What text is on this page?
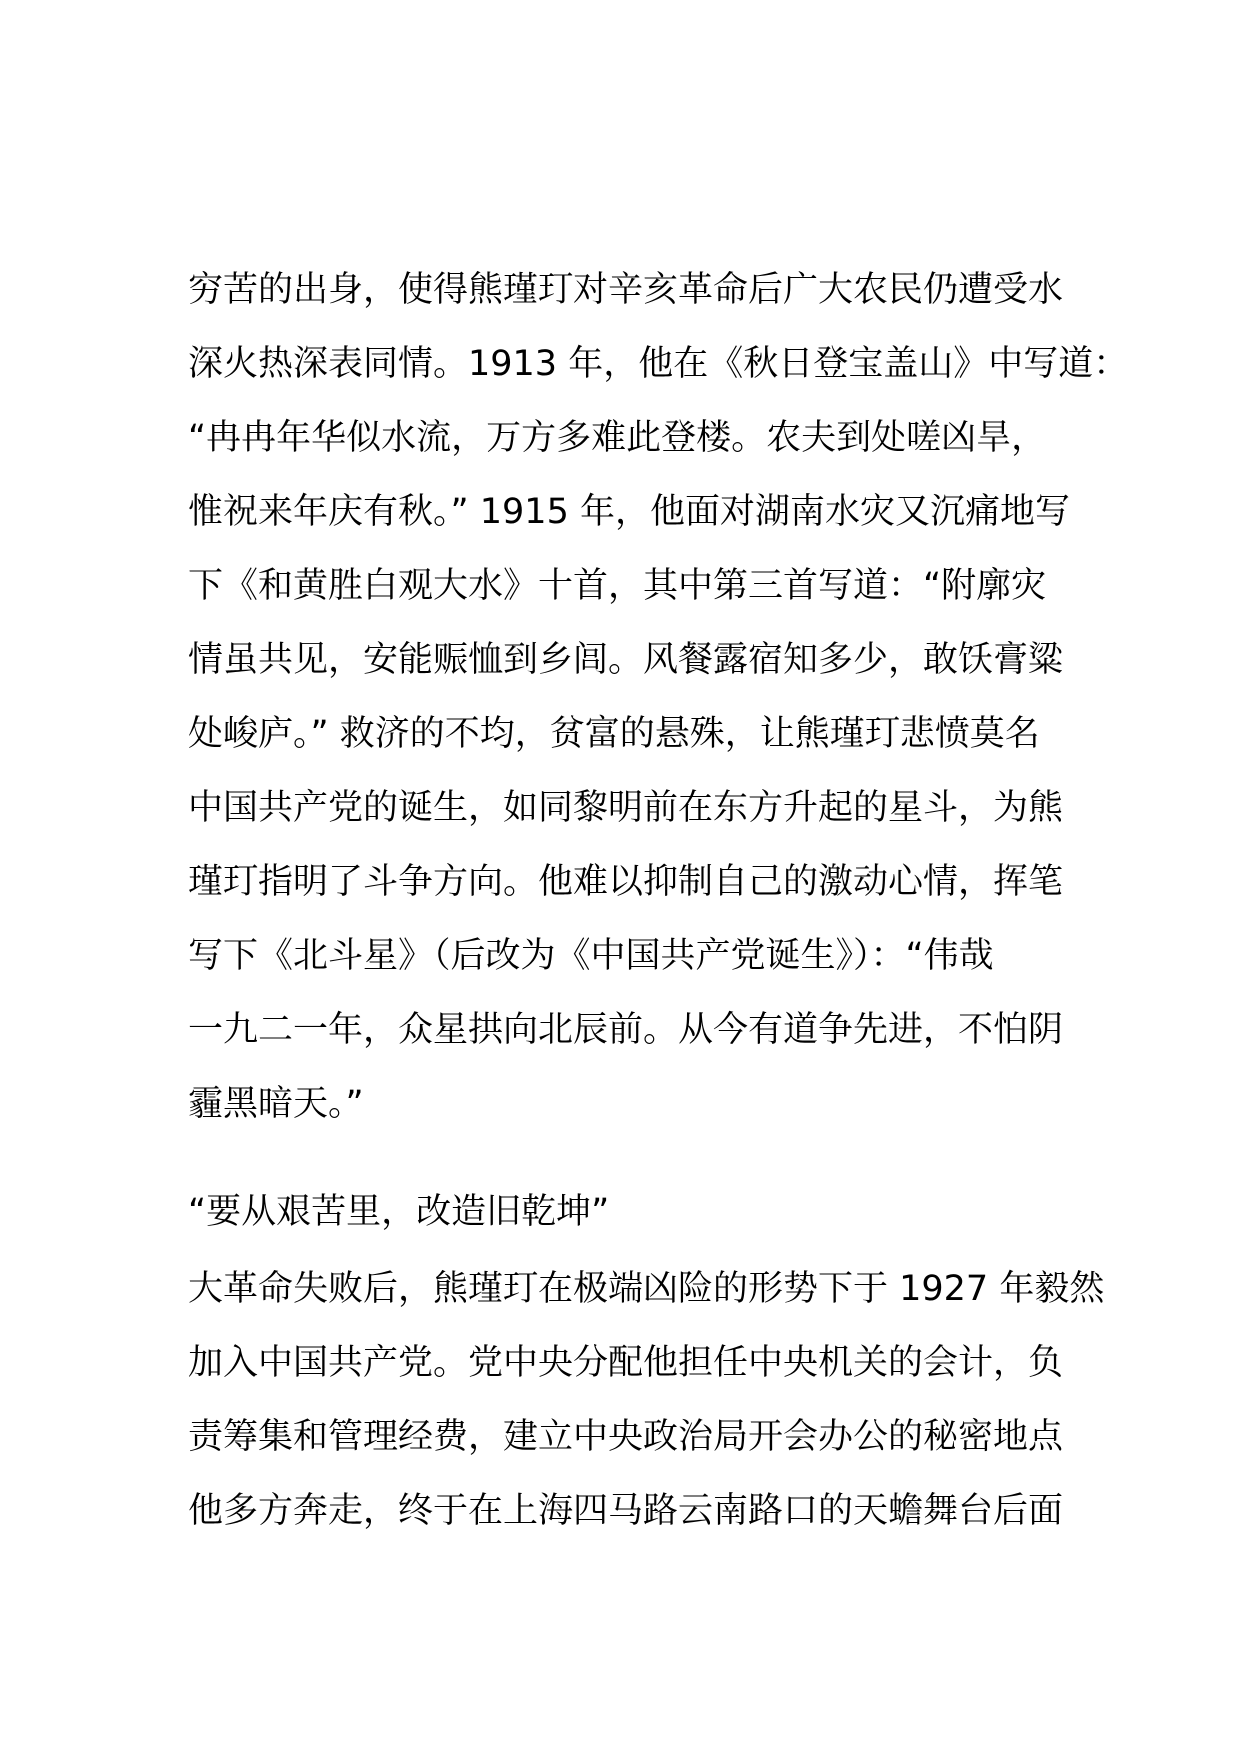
穷苦的出身，使得熊瑾玎对辛亥革命后广大农民仍遭受水
深火热深表同情。1913 年，他在《秋日登宝盖山》中写道：
“冉冉年华似水流，万方多难此登楼。农夫到处嗟凶旱，
惟祝来年庆有秋。” 1915 年，他面对湖南水灾又沉痛地写
下《和黄胜白观大水》十首，其中第三首写道：“附廓灾
情虽共见，安能赈恤到乡闾。风餐露宿知多少，敢饫膏粱
处峻庐。” 救济的不均，贫富的悬殊，让熊瑾玎悲愤莫名
中国共产党的诞生，如同黎明前在东方升起的星斗，为熊
瑾玎指明了斗争方向。他难以抑制自己的激动心情，挥笔
写下《北斗星》（后改为《中国共产党诞生》）：“伟哉
一九二一年，众星拱向北辰前。从今有道争先进，不怕阴
霾黑暗天。”
“要从艰苦里，改造旧乾坤”
大革命失败后，熊瑾玎在极端凶险的形势下于 1927 年毅然
加入中国共产党。党中央分配他担任中央机关的会计，负
责筹集和管理经费，建立中央政治局开会办公的秘密地点
他多方奔走，终于在上海四马路云南路口的天蟾舞台后面
